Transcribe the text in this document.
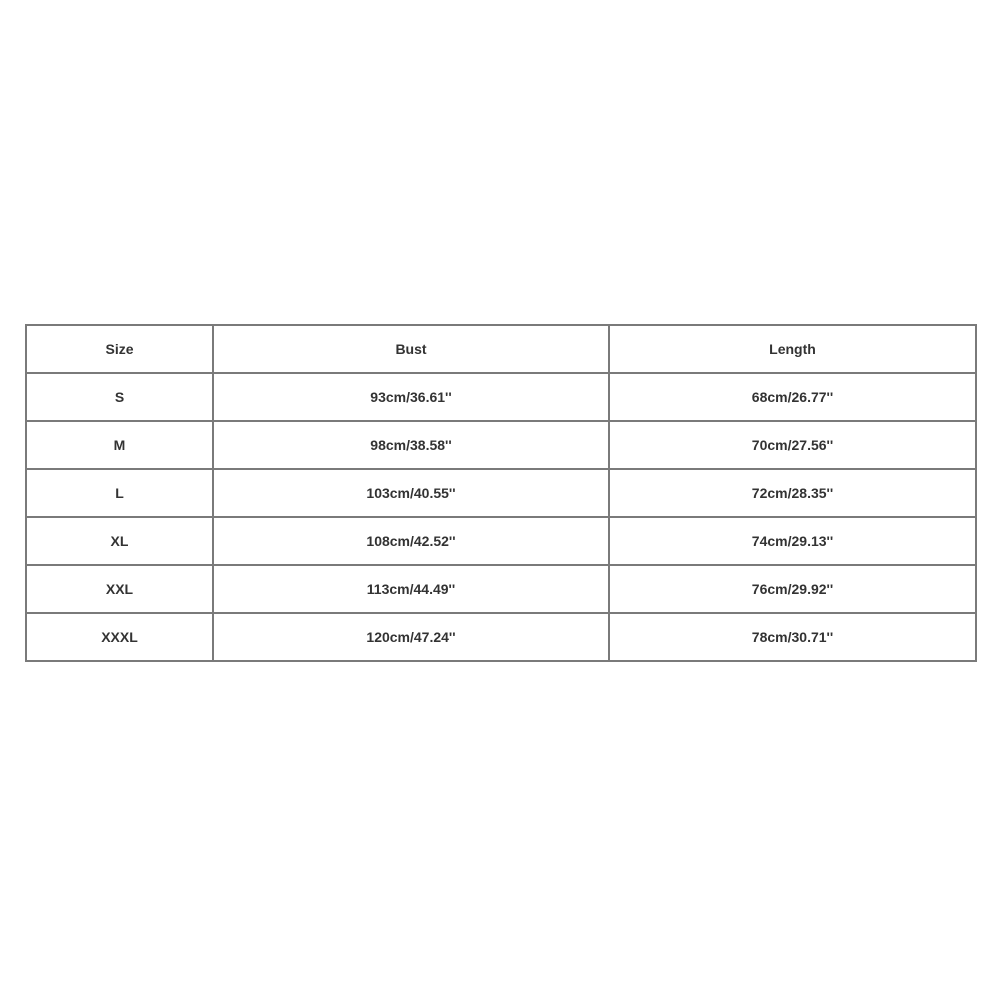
Size	Bust	Length
S	93cm/36.61''	68cm/26.77''
M	98cm/38.58''	70cm/27.56''
L	103cm/40.55''	72cm/28.35''
XL	108cm/42.52''	74cm/29.13''
XXL	113cm/44.49''	76cm/29.92''
XXXL	120cm/47.24''	78cm/30.71''
